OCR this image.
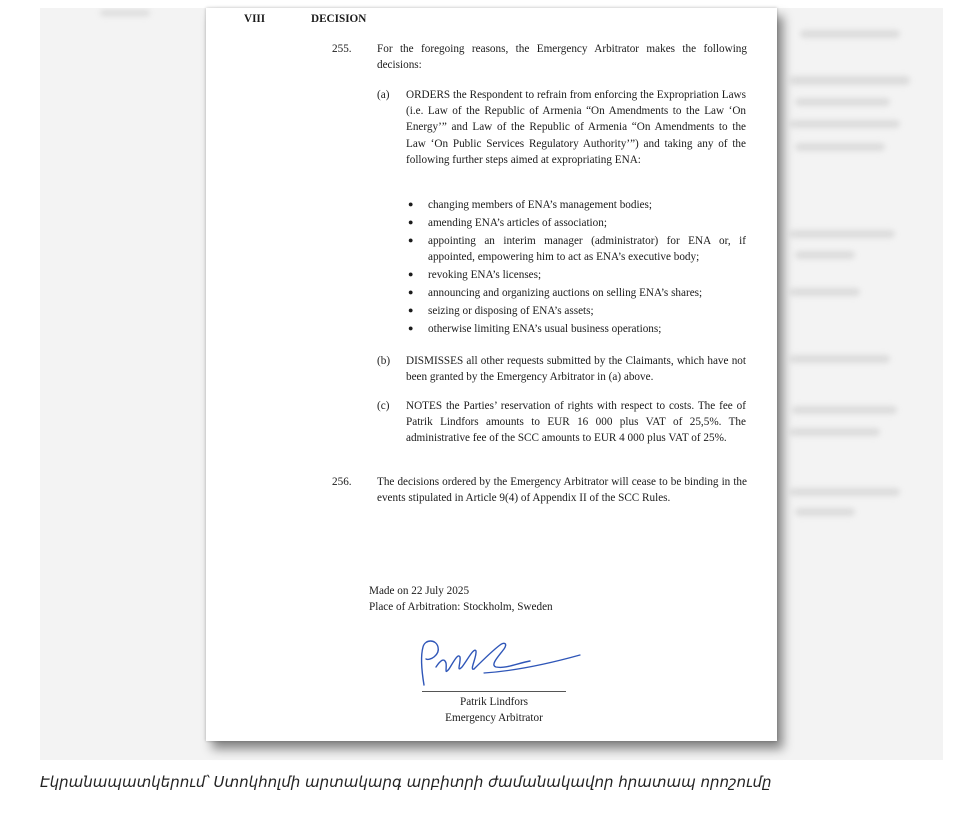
VIII	DECISION
255. For the foregoing reasons, the Emergency Arbitrator makes the following decisions:
(a) ORDERS the Respondent to refrain from enforcing the Expropriation Laws (i.e. Law of the Republic of Armenia “On Amendments to the Law ‘On Energy’” and Law of the Republic of Armenia “On Amendments to the Law ‘On Public Services Regulatory Authority’”) and taking any of the following further steps aimed at expropriating ENA:
● changing members of ENA’s management bodies;
● amending ENA’s articles of association;
● appointing an interim manager (administrator) for ENA or, if appointed, empowering him to act as ENA’s executive body;
● revoking ENA’s licenses;
● announcing and organizing auctions on selling ENA’s shares;
● seizing or disposing of ENA’s assets;
● otherwise limiting ENA’s usual business operations;
(b) DISMISSES all other requests submitted by the Claimants, which have not been granted by the Emergency Arbitrator in (a) above.
(c) NOTES the Parties’ reservation of rights with respect to costs. The fee of Patrik Lindfors amounts to EUR 16 000 plus VAT of 25,5%. The administrative fee of the SCC amounts to EUR 4 000 plus VAT of 25%.
256. The decisions ordered by the Emergency Arbitrator will cease to be binding in the events stipulated in Article 9(4) of Appendix II of the SCC Rules.
Made on 22 July 2025
Place of Arbitration: Stockholm, Sweden
Patrik Lindfors
Emergency Arbitrator
Էկրանապատկերում՝ Ստոկհոլմի արտակարգ արբիտրի ժամանակավոր հրատապ որոշումը
